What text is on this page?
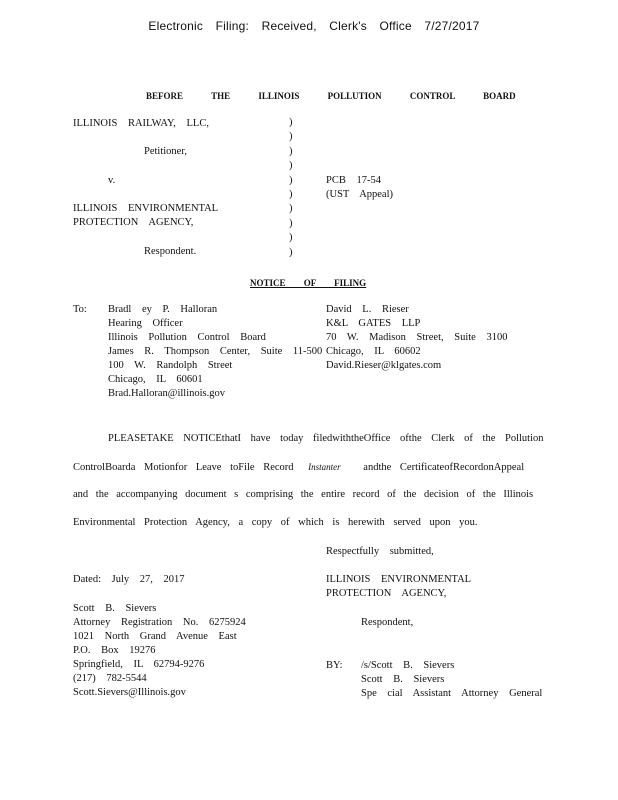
Electronic Filing: Received, Clerk's Office 7/27/2017
BEFORE THE ILLINOIS POLLUTION CONTROL BOARD
ILLINOIS RAILWAY, LLC,
Petitioner,
v.
ILLINOIS ENVIRONMENTAL
PROTECTION AGENCY,
Respondent.
)
)
)
)
)
)
)
)
)
)
PCB 17-54
(UST Appeal)
NOTICE OF FILING
To: Bradl ey P. Halloran
Hearing Officer
Illinois Pollution Control Board
James R. Thompson Center, Suite 11-500
100 W. Randolph Street
Chicago, IL 60601
Brad.Halloran@illinois.gov
David L. Rieser
K&L GATES LLP
70 W. Madison Street, Suite 3100
Chicago, IL 60602
David.Rieser@klgates.com
PLEASETAKE NOTICEthatI have today filedwiththeOffice ofthe Clerk of the Pollution
ControlBoarda Motionfor Leave toFile Record Instanter andthe CertificateofRecordonAppeal
and the accompanying document s comprising the entire record of the decision of the Illinois
Environmental Protection Agency, a copy of which is herewith served upon you.
Respectfully submitted,
Dated: July 27, 2017	ILLINOIS ENVIRONMENTAL
PROTECTION AGENCY,
Respondent,
Scott B. Sievers
Attorney Registration No. 6275924
1021 North Grand Avenue East
P.O. Box 19276
Springfield, IL 62794-9276
(217) 782-5544
Scott.Sievers@Illinois.gov
BY: /s/Scott B. Sievers
Scott B. Sievers
Spe cial Assistant Attorney General
